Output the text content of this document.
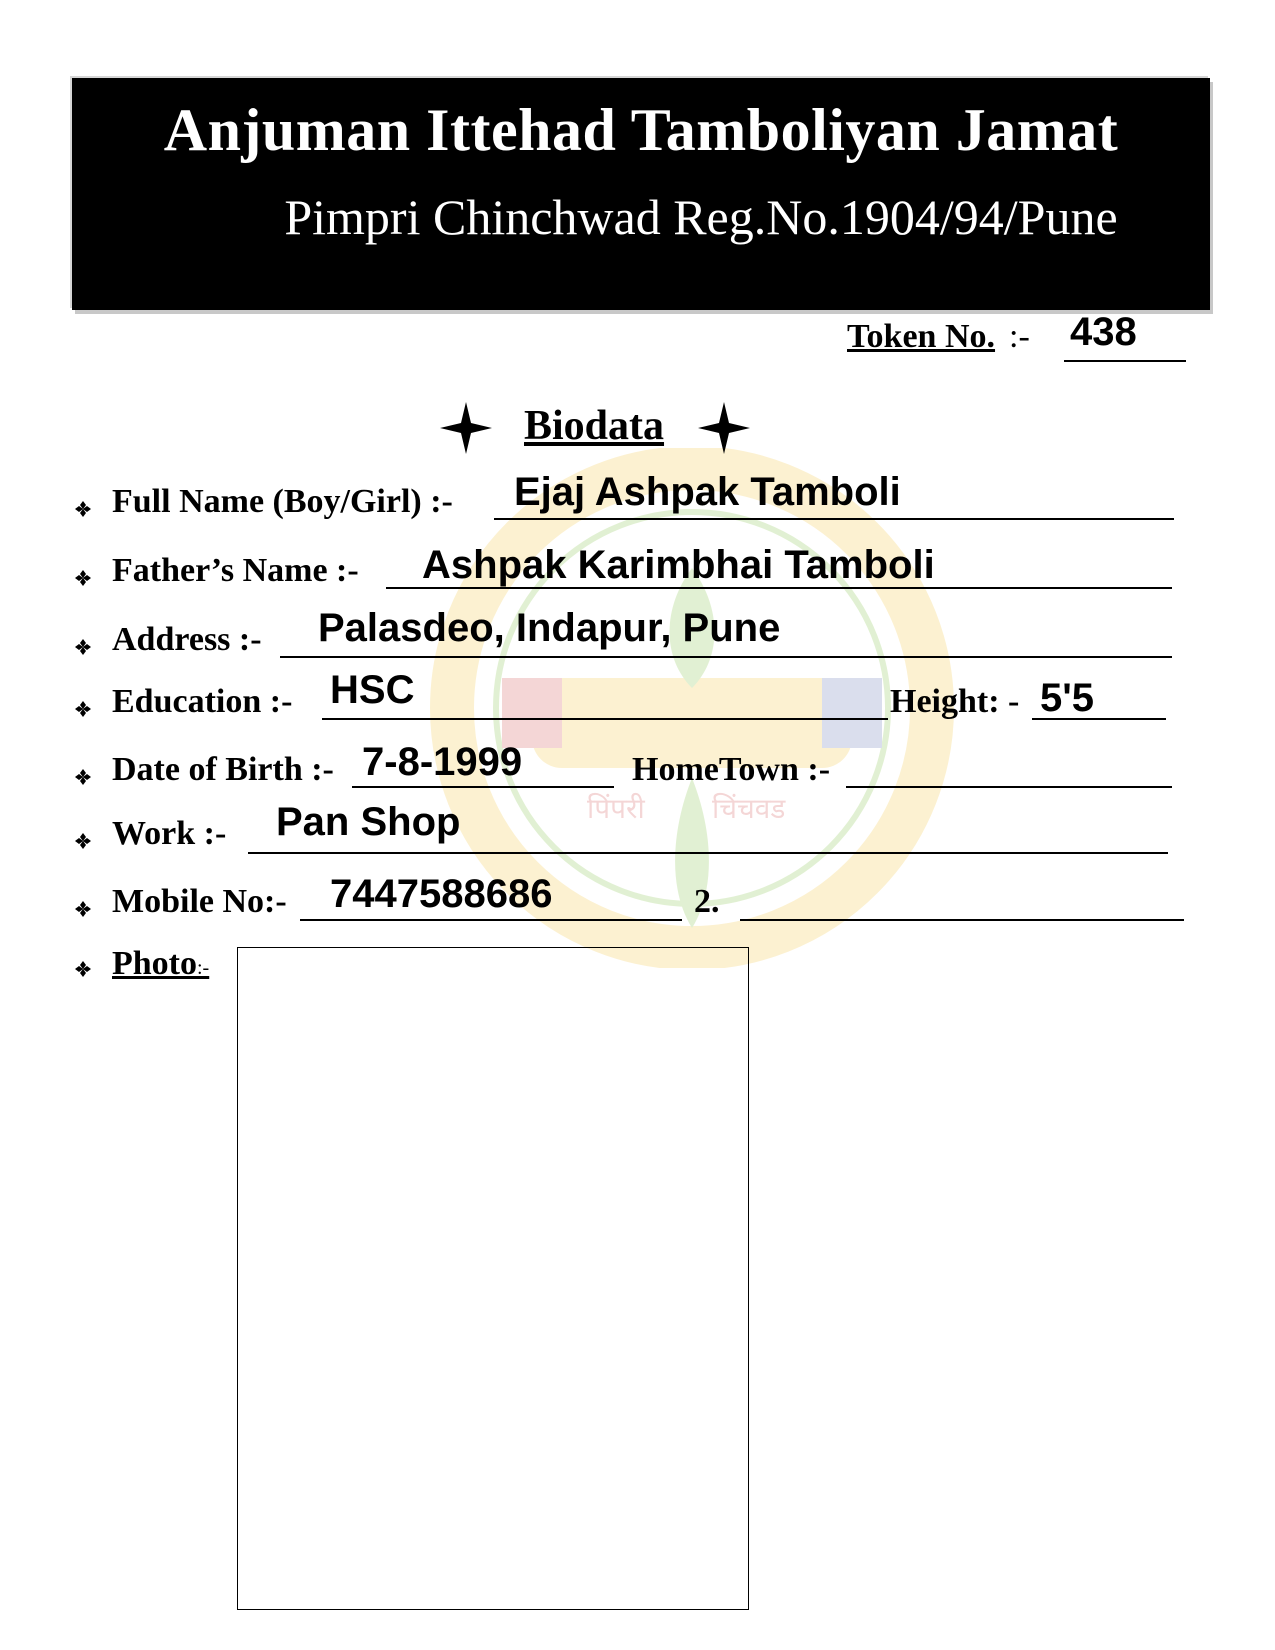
पिंपरी चिंचवड
Anjuman Ittehad Tamboliyan Jamat
Pimpri Chinchwad Reg.No.1904/94/Pune
Token No. :- 438
Biodata
Full Name (Boy/Girl) :- Ejaj Ashpak Tamboli
Father’s Name :- Ashpak Karimbhai Tamboli
Address :- Palasdeo, Indapur, Pune
Education :- HSC	Height: - 5'5
Date of Birth :- 7-8-1999	HomeTown :-
Work :- Pan Shop
Mobile No:- 7447588686	2.
Photo:-
